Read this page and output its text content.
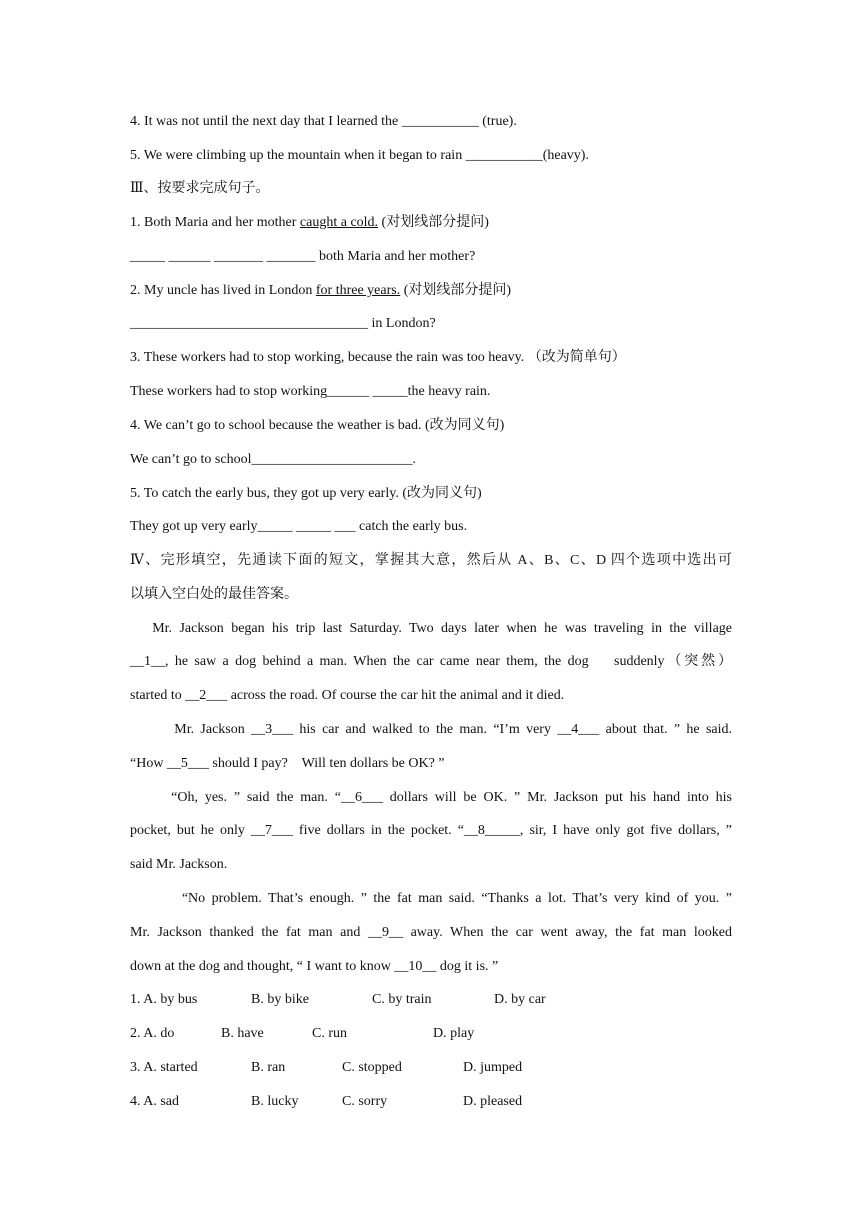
4. It was not until the next day that I learned the ___________ (true).
5. We were climbing up the mountain when it began to rain ___________(heavy).
Ⅲ、按要求完成句子。
1. Both Maria and her mother caught a cold. (对划线部分提问)
_____ ______ _______ _______ both Maria and her mother?
2. My uncle has lived in London for three years. (对划线部分提问)
__________________________________ in London?
3. These workers had to stop working, because the rain was too heavy. （改为简单句）
These workers had to stop working______ _____the heavy rain.
4. We can’t go to school because the weather is bad. (改为同义句)
We can’t go to school_______________________.
5. To catch the early bus, they got up very early. (改为同义句)
They got up very early_____ _____ ___ catch the early bus.
Ⅳ、完形填空，先通读下面的短文，掌握其大意，然后从 A、B、C、D 四个选项中选出可
以填入空白处的最佳答案。
Mr. Jackson began his trip last Saturday. Two days later when he was traveling in the village
__1__, he saw a dog behind a man. When the car came near them, the dog    suddenly（突然）
started to __2___ across the road. Of course the car hit the animal and it died.
Mr. Jackson __3___ his car and walked to the man. “I’m very __4___ about that. ” he said.
“How __5___ should I pay?    Will ten dollars be OK? ”
“Oh, yes. ” said the man. “__6___ dollars will be OK. ” Mr. Jackson put his hand into his
pocket, but he only __7___ five dollars in the pocket. “__8_____, sir, I have only got five dollars, ”
said Mr. Jackson.
“No problem. That’s enough. ” the fat man said. “Thanks a lot. That’s very kind of you. ”
Mr. Jackson thanked the fat man and __9__ away. When the car went away, the fat man looked
down at the dog and thought, “ I want to know __10__ dog it is. ”
1. A. by bus	B. by bike	C. by train	D. by car
2. A. do	B. have	C. run	D. play
3. A. started	B. ran	C. stopped	D. jumped
4. A. sad	B. lucky	C. sorry	D. pleased
